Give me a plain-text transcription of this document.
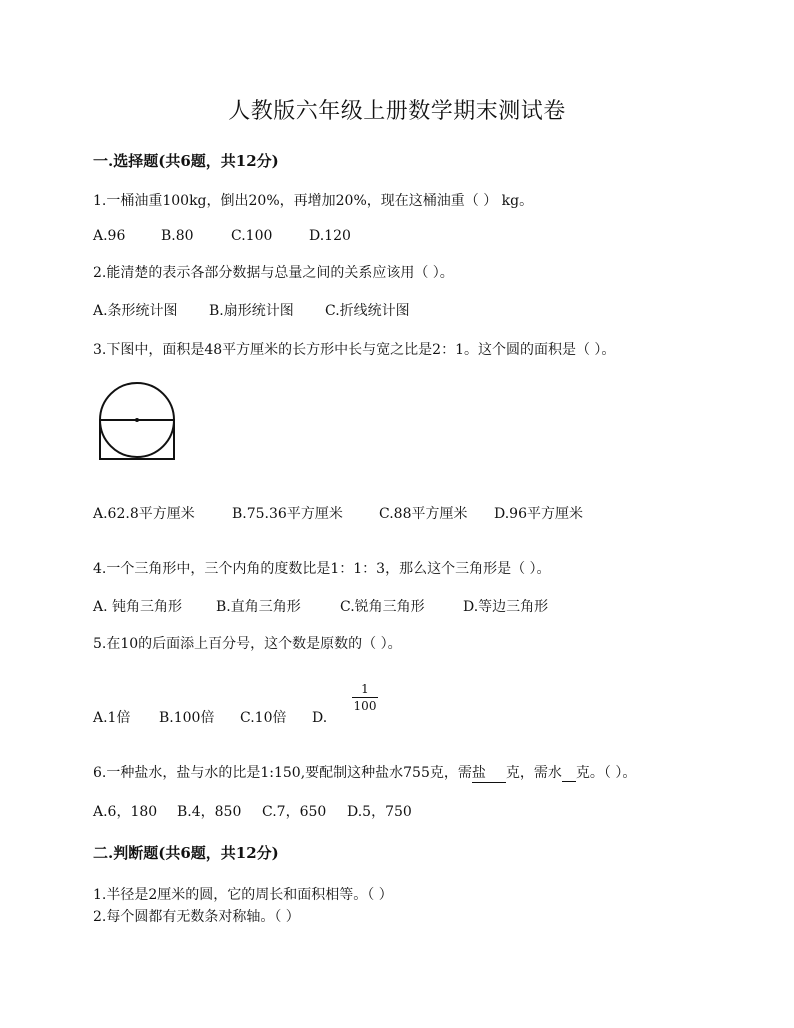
人教版六年级上册数学期末测试卷
一.选择题(共6题，共12分)
1.一桶油重100kg，倒出20%，再增加20%，现在这桶油重（ ） kg。
A.96	B.80	C.100	D.120
2.能清楚的表示各部分数据与总量之间的关系应该用（ ）。
A.条形统计图 B.扇形统计图 C.折线统计图
3.下图中，面积是48平方厘米的长方形中长与宽之比是2：1。这个圆的面积是（ ）。
A.62.8平方厘米	B.75.36平方厘米	C.88平方厘米 D.96平方厘米
4.一个三角形中，三个内角的度数比是1：1：3，那么这个三角形是（ ）。
A. 钝角三角形 B.直角三角形	C.锐角三角形	D.等边三角形
5.在10的后面添上百分号，这个数是原数的（ ）。
A.1倍 B.100倍 C.10倍 D.
$\frac{1}{100}$
6.一种盐水，盐与水的比是1:150,要配制这种盐水755克，需盐 克，需水 克。（ ）。
A.6，180 B.4，850 C.7，650 D.5，750
二.判断题(共6题，共12分)
1.半径是2厘米的圆，它的周长和面积相等。（ ）
2.每个圆都有无数条对称轴。（ ）
